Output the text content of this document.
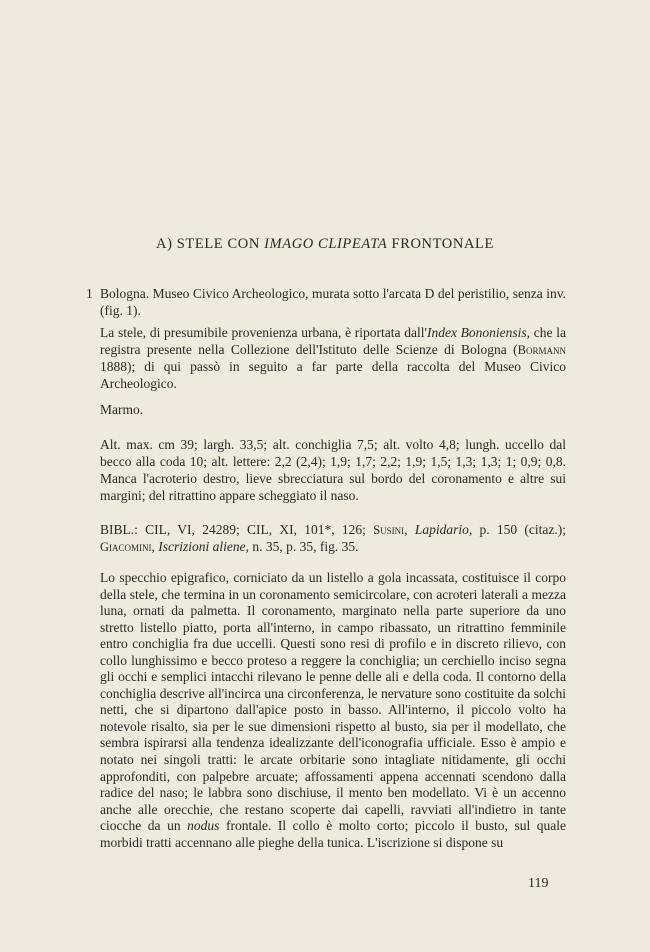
A) STELE CON IMAGO CLIPEATA FRONTONALE
1 Bologna. Museo Civico Archeologico, murata sotto l'arcata D del peristilio, senza inv. (fig. 1).

La stele, di presumibile provenienza urbana, è riportata dall'Index Bononiensis, che la registra presente nella Collezione dell'Istituto delle Scienze di Bologna (Bormann 1888); di qui passò in seguito a far parte della raccolta del Museo Civico Archeologico.

Marmo.

Alt. max. cm 39; largh. 33,5; alt. conchiglia 7,5; alt. volto 4,8; lungh. uccello dal becco alla coda 10; alt. lettere: 2,2 (2,4); 1,9; 1,7; 2,2; 1,9; 1,5; 1,3; 1,3; 1; 0,9; 0,8. Manca l'acroterio destro, lieve sbrecciatura sul bordo del coronamento e altre sui margini; del ritrattino appare scheggiato il naso.

BIBL.: CIL, VI, 24289; CIL, XI, 101*, 126; Susini, Lapidario, p. 150 (citaz.); Giacomini, Iscrizioni aliene, n. 35, p. 35, fig. 35.

Lo specchio epigrafico, corniciato da un listello a gola incassata, costituisce il corpo della stele, che termina in un coronamento semicircolare, con acroteri laterali a mezza luna, ornati da palmetta. Il coronamento, marginato nella parte superiore da uno stretto listello piatto, porta all'interno, in campo ribassato, un ritrattino femminile entro conchiglia fra due uccelli. Questi sono resi di profilo e in discreto rilievo, con collo lunghissimo e becco proteso a reggere la conchiglia; un cerchiello inciso segna gli occhi e semplici intacchi rilevano le penne delle ali e della coda. Il contorno della conchiglia descrive all'incirca una circonferenza, le nervature sono costituite da solchi netti, che si dipartono dall'apice posto in basso. All'interno, il piccolo volto ha notevole risalto, sia per le sue dimensioni rispetto al busto, sia per il modellato, che sembra ispirarsi alla tendenza idealizzante dell'iconografia ufficiale. Esso è ampio e notato nei singoli tratti: le arcate orbitarie sono intagliate nitidamente, gli occhi approfonditi, con palpebre arcuate; affossamenti appena accennati scendono dalla radice del naso; le labbra sono dischiuse, il mento ben modellato. Vi è un accenno anche alle orecchie, che restano scoperte dai capelli, ravviati all'indietro in tante ciocche da un nodus frontale. Il collo è molto corto; piccolo il busto, sul quale morbidi tratti accennano alle pieghe della tunica. L'iscrizione si dispone su

119
